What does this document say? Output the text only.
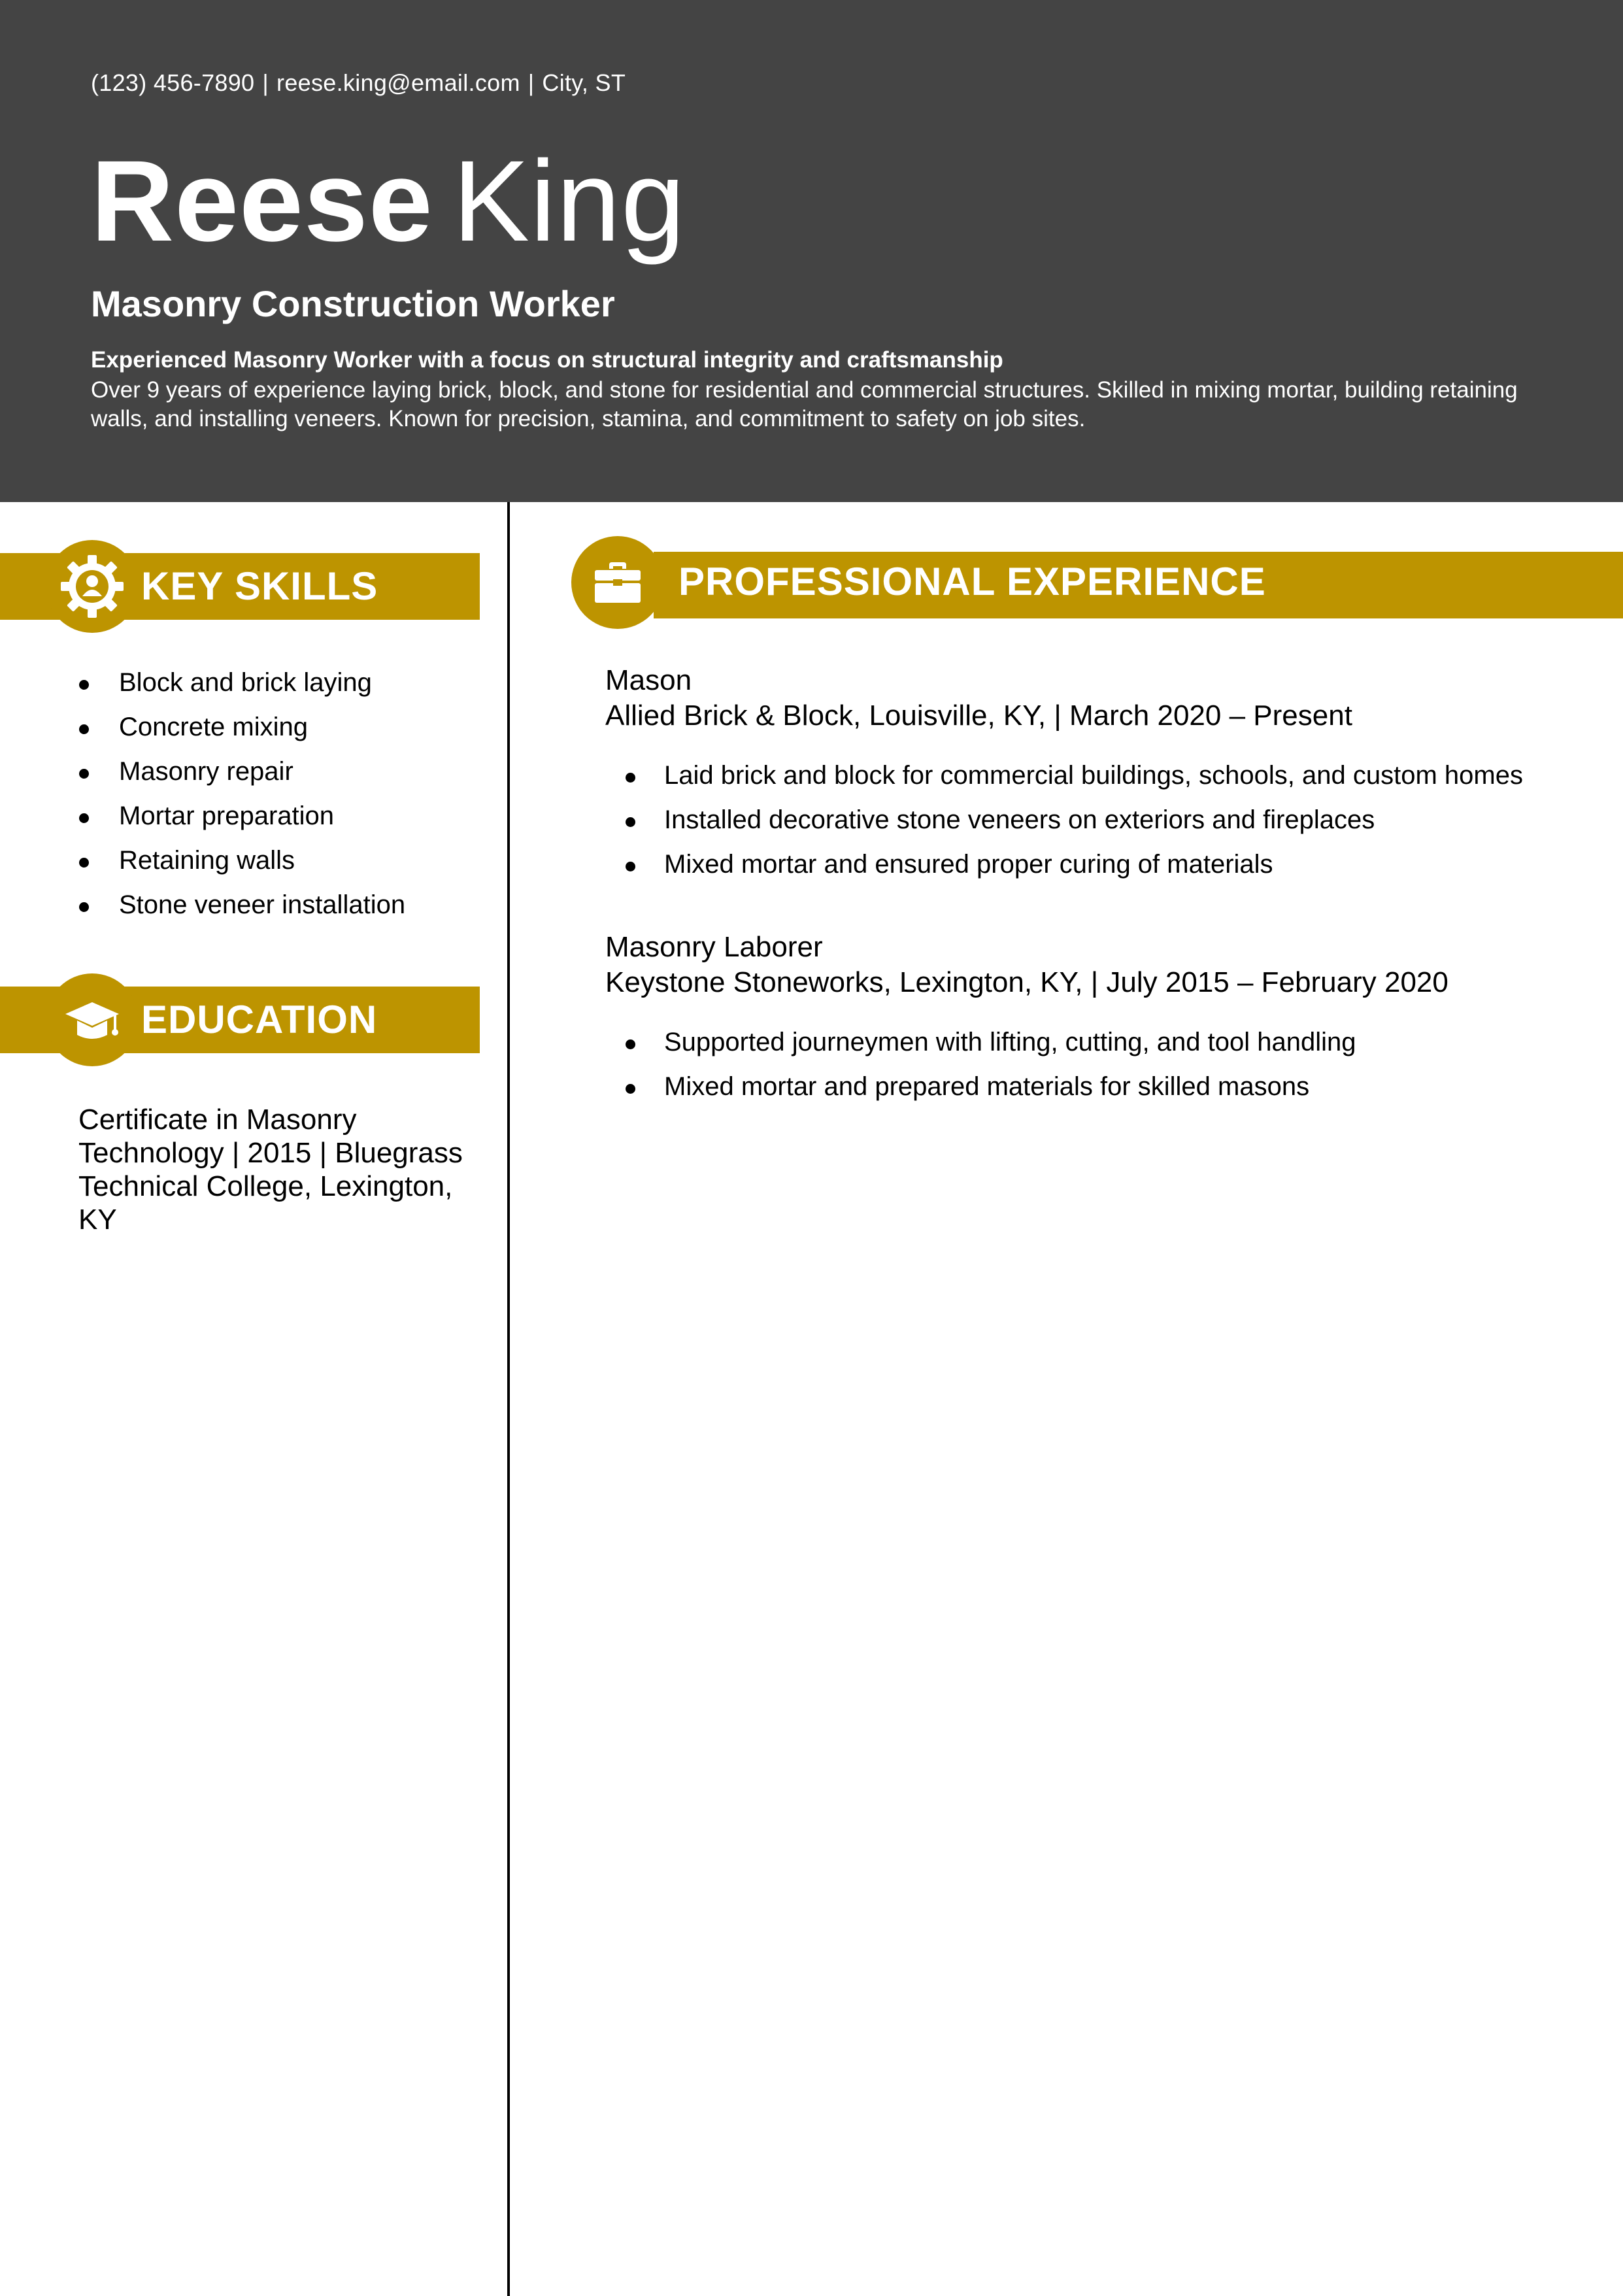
(123) 456-7890 | reese.king@email.com | City, ST
Reese King
Masonry Construction Worker
Experienced Masonry Worker with a focus on structural integrity and craftsmanship
Over 9 years of experience laying brick, block, and stone for residential and commercial structures. Skilled in mixing mortar, building retaining walls, and installing veneers. Known for precision, stamina, and commitment to safety on job sites.
KEY SKILLS
Block and brick laying
Concrete mixing
Masonry repair
Mortar preparation
Retaining walls
Stone veneer installation
EDUCATION
Certificate in Masonry Technology | 2015 | Bluegrass Technical College, Lexington, KY
PROFESSIONAL EXPERIENCE
Mason
Allied Brick & Block, Louisville, KY, | March 2020 – Present
Laid brick and block for commercial buildings, schools, and custom homes
Installed decorative stone veneers on exteriors and fireplaces
Mixed mortar and ensured proper curing of materials
Masonry Laborer
Keystone Stoneworks, Lexington, KY, | July 2015 – February 2020
Supported journeymen with lifting, cutting, and tool handling
Mixed mortar and prepared materials for skilled masons
